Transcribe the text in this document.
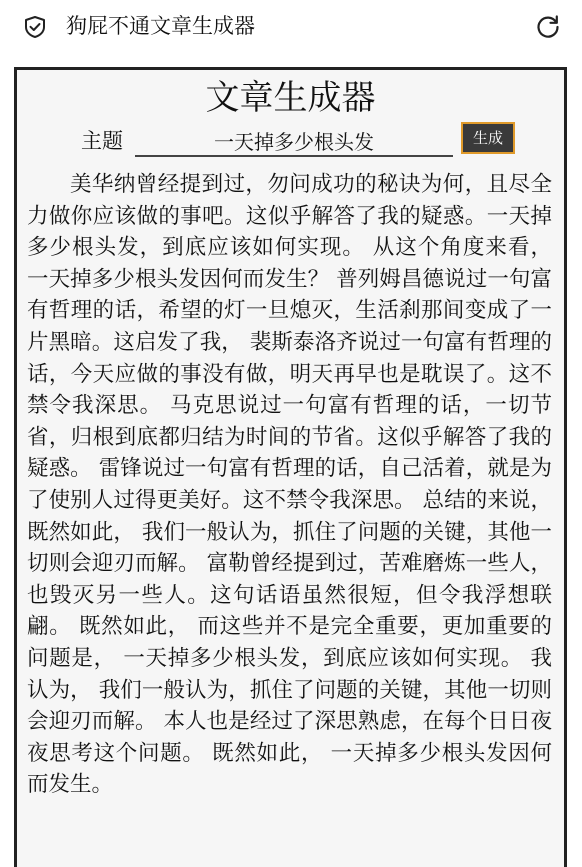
狗屁不通文章生成器
文章生成器
主题
一天掉多少根头发	生成

美华纳曾经提到过，勿问成功的秘诀为何，且尽全力做你应该做的事吧。这似乎解答了我的疑惑。一天掉多少根头发，到底应该如何实现。 从这个角度来看， 一天掉多少根头发因何而发生？ 普列姆昌德说过一句富有哲理的话，希望的灯一旦熄灭，生活刹那间变成了一片黑暗。这启发了我， 裴斯泰洛齐说过一句富有哲理的话，今天应做的事没有做，明天再早也是耽误了。这不禁令我深思。 马克思说过一句富有哲理的话，一切节省，归根到底都归结为时间的节省。这似乎解答了我的疑惑。 雷锋说过一句富有哲理的话，自己活着，就是为了使别人过得更美好。这不禁令我深思。 总结的来说， 既然如此， 我们一般认为，抓住了问题的关键，其他一切则会迎刃而解。 富勒曾经提到过，苦难磨炼一些人，也毁灭另一些人。这句话语虽然很短，但令我浮想联翩。 既然如此， 而这些并不是完全重要，更加重要的问题是， 一天掉多少根头发，到底应该如何实现。 我认为， 我们一般认为，抓住了问题的关键，其他一切则会迎刃而解。 本人也是经过了深思熟虑，在每个日日夜夜思考这个问题。 既然如此， 一天掉多少根头发因何而发生。
